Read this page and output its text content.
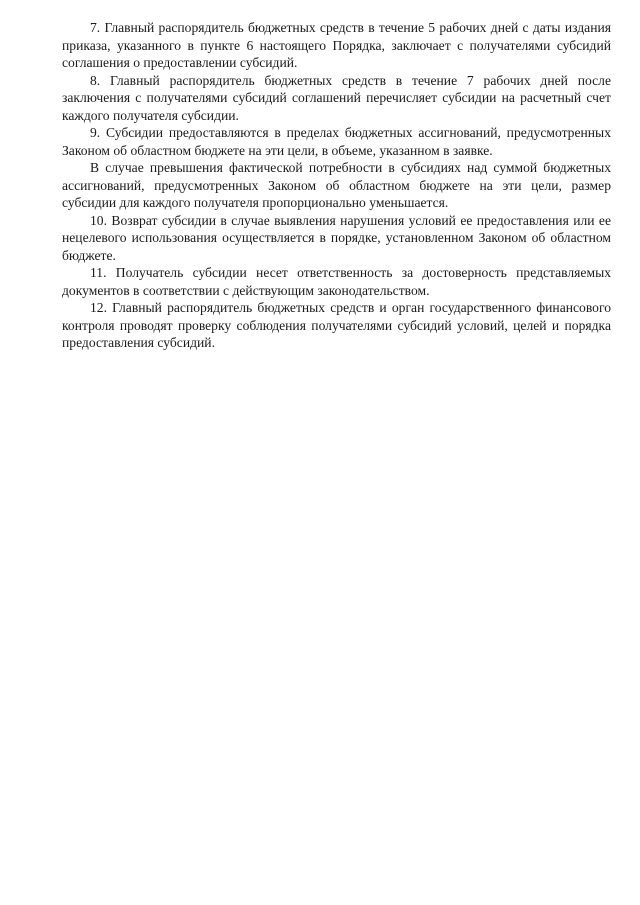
7. Главный распорядитель бюджетных средств в течение 5 рабочих дней с даты издания приказа, указанного в пункте 6 настоящего Порядка, заключает с получателями субсидий соглашения о предоставлении субсидий.

8. Главный распорядитель бюджетных средств в течение 7 рабочих дней после заключения с получателями субсидий соглашений перечисляет субсидии на расчетный счет каждого получателя субсидии.

9. Субсидии предоставляются в пределах бюджетных ассигнований, предусмотренных Законом об областном бюджете на эти цели, в объеме, указанном в заявке.

В случае превышения фактической потребности в субсидиях над суммой бюджетных ассигнований, предусмотренных Законом об областном бюджете на эти цели, размер субсидии для каждого получателя пропорционально уменьшается.

10. Возврат субсидии в случае выявления нарушения условий ее предоставления или ее нецелевого использования осуществляется в порядке, установленном Законом об областном бюджете.

11. Получатель субсидии несет ответственность за достоверность представляемых документов в соответствии с действующим законодательством.

12. Главный распорядитель бюджетных средств и орган государственного финансового контроля проводят проверку соблюдения получателями субсидий условий, целей и порядка предоставления субсидий.
